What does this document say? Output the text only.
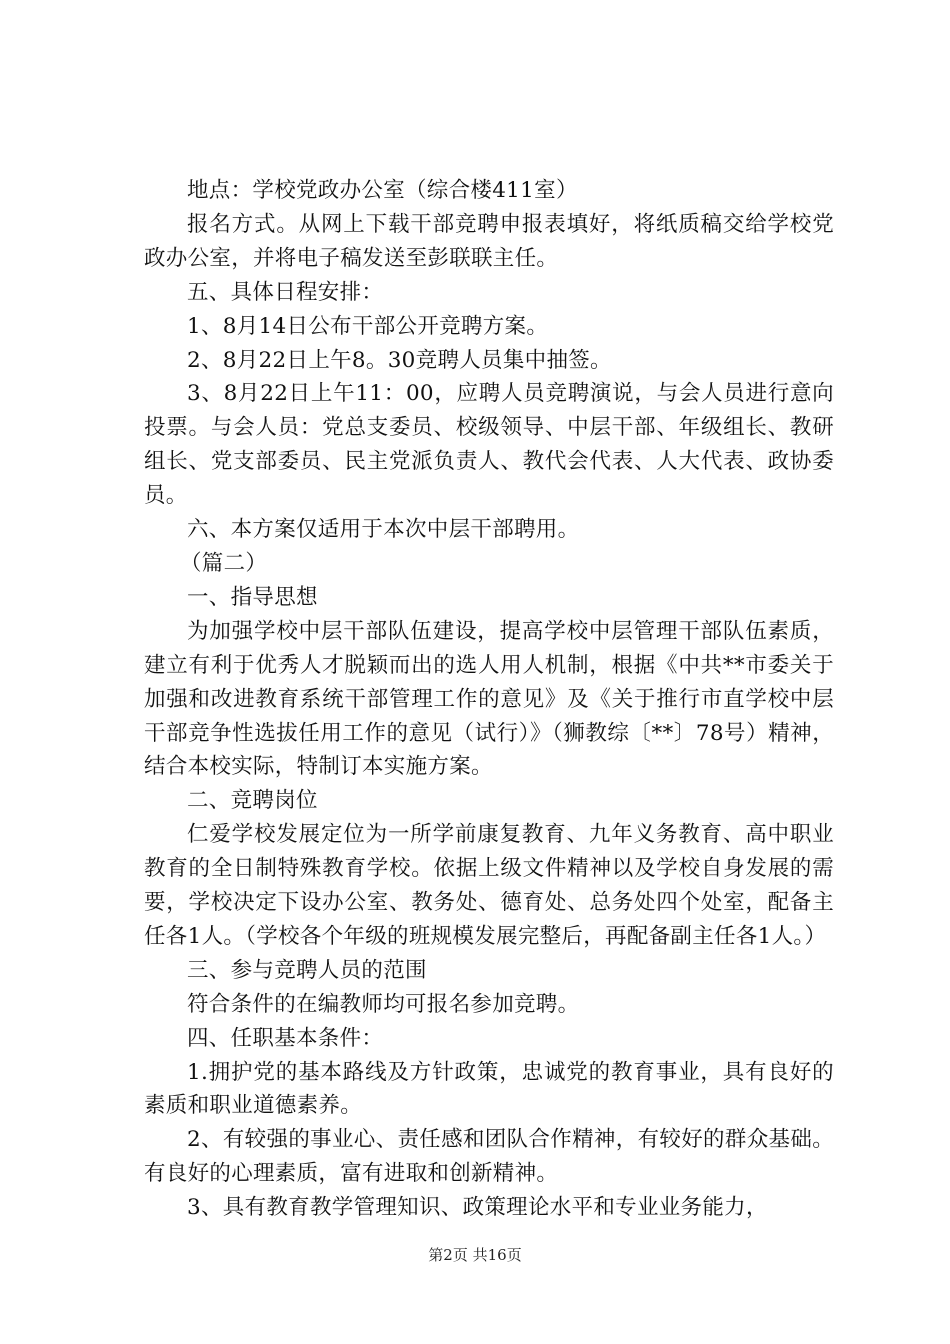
地点：学校党政办公室（综合楼411室）

报名方式。从网上下载干部竞聘申报表填好，将纸质稿交给学校党政办公室，并将电子稿发送至彭联联主任。

五、具体日程安排：

1、8月14日公布干部公开竞聘方案。

2、8月22日上午8。30竞聘人员集中抽签。

3、8月22日上午11：00，应聘人员竞聘演说，与会人员进行意向投票。与会人员：党总支委员、校级领导、中层干部、年级组长、教研组长、党支部委员、民主党派负责人、教代会代表、人大代表、政协委员。

六、本方案仅适用于本次中层干部聘用。

（篇二）

一、指导思想

为加强学校中层干部队伍建设，提高学校中层管理干部队伍素质，建立有利于优秀人才脱颖而出的选人用人机制，根据《中共**市委关于加强和改进教育系统干部管理工作的意见》及《关于推行市直学校中层干部竞争性选拔任用工作的意见（试行）》（狮教综〔**〕78号）精神，结合本校实际，特制订本实施方案。

二、竞聘岗位

仁爱学校发展定位为一所学前康复教育、九年义务教育、高中职业教育的全日制特殊教育学校。依据上级文件精神以及学校自身发展的需要，学校决定下设办公室、教务处、德育处、总务处四个处室，配备主任各1人。（学校各个年级的班规模发展完整后，再配备副主任各1人。）

三、参与竞聘人员的范围

符合条件的在编教师均可报名参加竞聘。

四、任职基本条件：

1.拥护党的基本路线及方针政策，忠诚党的教育事业，具有良好的素质和职业道德素养。

2、有较强的事业心、责任感和团队合作精神，有较好的群众基础。有良好的心理素质，富有进取和创新精神。

3、具有教育教学管理知识、政策理论水平和专业业务能力，

第2页 共16页
